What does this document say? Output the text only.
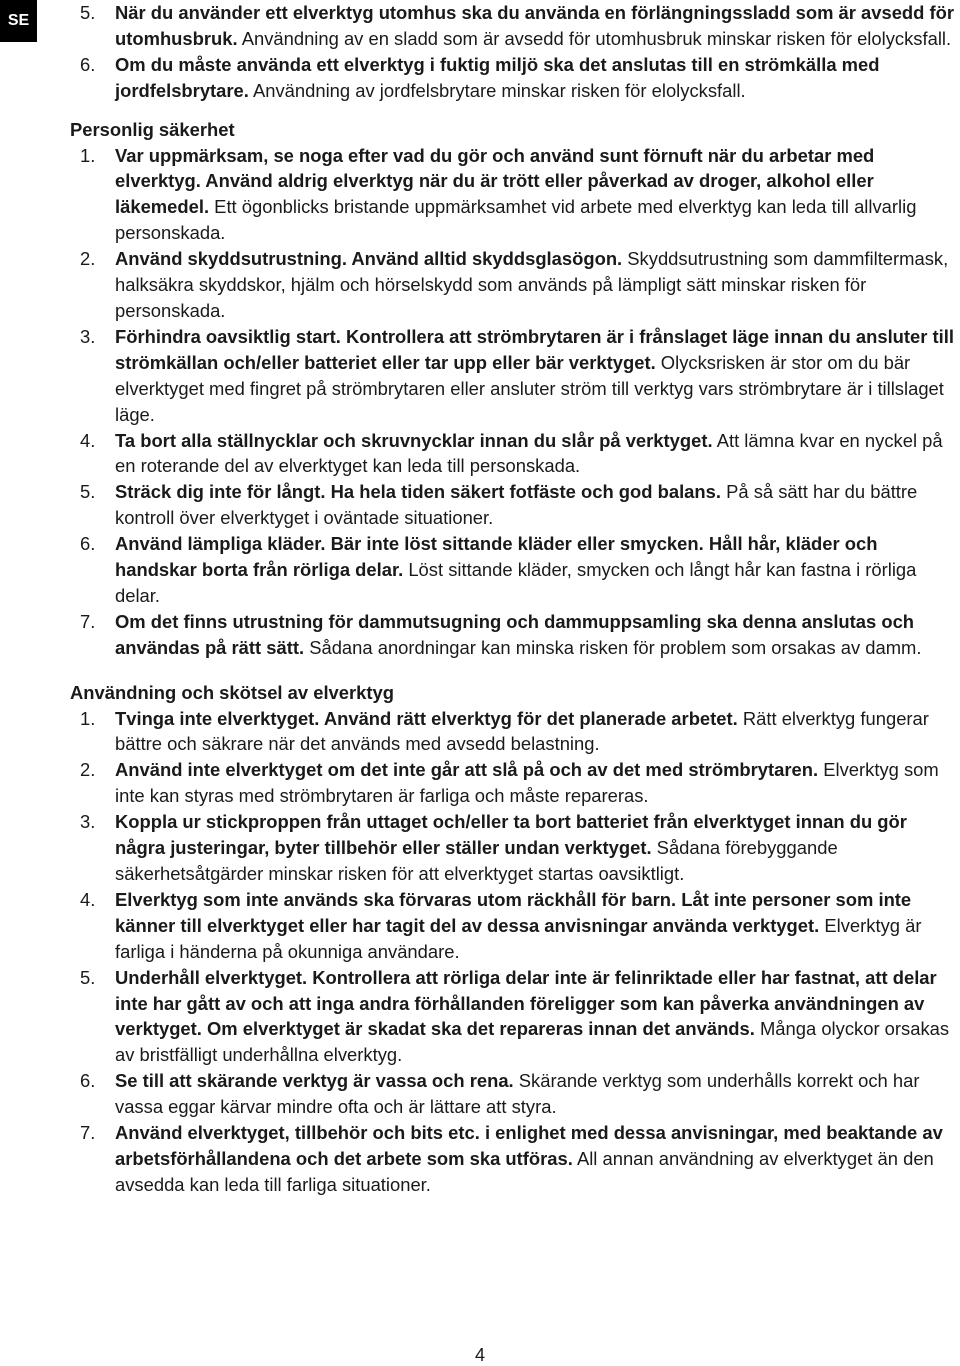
SE	5. När du använder ett elverktyg utomhus ska du använda en förlängningssladd som är avsedd för utomhusbruk. Användning av en sladd som är avsedd för utomhusbruk minskar risken för elolycksfall.
6. Om du måste använda ett elverktyg i fuktig miljö ska det anslutas till en strömkälla med jordfelsbrytare. Användning av jordfelsbrytare minskar risken för elolycksfall.
Personlig säkerhet
1. Var uppmärksam, se noga efter vad du gör och använd sunt förnuft när du arbetar med elverktyg. Använd aldrig elverktyg när du är trött eller påverkad av droger, alkohol eller läkemedel. Ett ögonblicks bristande uppmärksamhet vid arbete med elverktyg kan leda till allvarlig personskada.
2. Använd skyddsutrustning. Använd alltid skyddsglasögon. Skyddsutrustning som dammfiltermask, halksäkra skyddskor, hjälm och hörselskydd som används på lämpligt sätt minskar risken för personskada.
3. Förhindra oavsiktlig start. Kontrollera att strömbrytaren är i frånslaget läge innan du ansluter till strömkällan och/eller batteriet eller tar upp eller bär verktyget. Olycksrisken är stor om du bär elverktyget med fingret på strömbrytaren eller ansluter ström till verktyg vars strömbrytare är i tillslaget läge.
4. Ta bort alla ställnycklar och skruvnycklar innan du slår på verktyget. Att lämna kvar en nyckel på en roterande del av elverktyget kan leda till personskada.
5. Sträck dig inte för långt. Ha hela tiden säkert fotfäste och god balans. På så sätt har du bättre kontroll över elverktyget i oväntade situationer.
6. Använd lämpliga kläder. Bär inte löst sittande kläder eller smycken. Håll hår, kläder och handskar borta från rörliga delar. Löst sittande kläder, smycken och långt hår kan fastna i rörliga delar.
7. Om det finns utrustning för dammutsugning och dammuppsamling ska denna anslutas och användas på rätt sätt. Sådana anordningar kan minska risken för problem som orsakas av damm.
Användning och skötsel av elverktyg
1. Tvinga inte elverktyget. Använd rätt elverktyg för det planerade arbetet. Rätt elverktyg fungerar bättre och säkrare när det används med avsedd belastning.
2. Använd inte elverktyget om det inte går att slå på och av det med strömbrytaren. Elverktyg som inte kan styras med strömbrytaren är farliga och måste repareras.
3. Koppla ur stickproppen från uttaget och/eller ta bort batteriet från elverktyget innan du gör några justeringar, byter tillbehör eller ställer undan verktyget. Sådana förebyggande säkerhetsåtgärder minskar risken för att elverktyget startas oavsiktligt.
4. Elverktyg som inte används ska förvaras utom räckhåll för barn. Låt inte personer som inte känner till elverktyget eller har tagit del av dessa anvisningar använda verktyget. Elverktyg är farliga i händerna på okunniga användare.
5. Underhåll elverktyget. Kontrollera att rörliga delar inte är felinriktade eller har fastnat, att delar inte har gått av och att inga andra förhållanden föreligger som kan påverka användningen av verktyget. Om elverktyget är skadat ska det repareras innan det används. Många olyckor orsakas av bristfälligt underhållna elverktyg.
6. Se till att skärande verktyg är vassa och rena. Skärande verktyg som underhålls korrekt och har vassa eggar kärvar mindre ofta och är lättare att styra.
7. Använd elverktyget, tillbehör och bits etc. i enlighet med dessa anvisningar, med beaktande av arbetsförhållandena och det arbete som ska utföras. All annan användning av elverktyget än den avsedda kan leda till farliga situationer.
4
